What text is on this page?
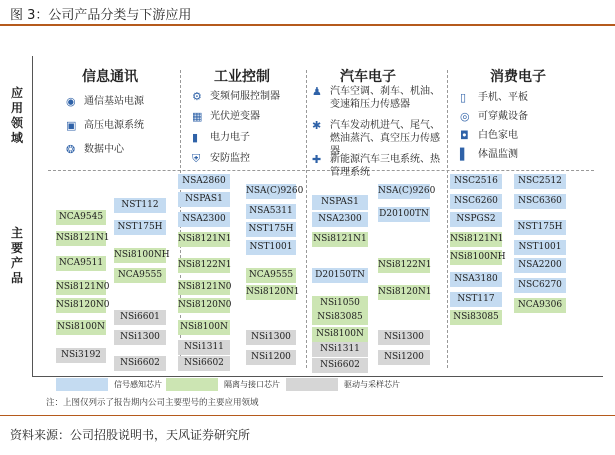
图 3：公司产品分类与下游应用
应用领域
主要产品
信息通讯	工业控制	汽车电子	消费电子
◉ 通信基站电源
▣ 高压电源系统
❂ 数据中心
⚙ 变频伺服控制器
▦ 光伏逆变器
▮ 电力电子
⛨ 安防监控
♟ 汽车空调、刹车、机油、变速箱压力传感器
✱ 汽车发动机进气、尾气、燃油蒸汽、真空压力传感器
✚ 新能源汽车三电系统、热管理系统
▯ 手机、平板
◎ 可穿戴设备
◘ 白色家电
▌ 体温监测
NCA9545
NSi8121N1
NCA9511
NSi8121N0
NSi8120N0
NSi8100N
NSi3192
NST112
NST175H
NSi8100NH
NCA9555
NSi6601
NSi1300
NSi6602
NSA2860
NSPAS1
NSA2300
NSi8121N1
NSi8122N1
NSi8121N0
NSi8120N0
NSi8100N
NSi1311
NSi6602
NSA(C)9260
NSA5311
NST175H
NST1001
NCA9555
NSi8120N1
NSi1300
NSi1200
NSPAS1
NSA2300
NSi8121N1
D20150TN
NSi1050
NSi83085
NSi8100N
NSi1311
NSi6602
NSA(C)9260
D20100TN
NSi8122N1
NSi8120N1
NSi1300
NSi1200
NSC2516
NSC6260
NSPGS2
NSi8121N1
NSi8100NH
NSA3180
NST117
NSi83085
NSC2512
NSC6360
NST175H
NST1001
NSA2200
NSC6270
NCA9306
信号感知芯片	隔离与接口芯片	驱动与采样芯片
注：上图仅列示了报告期内公司主要型号的主要应用领域
资料来源：公司招股说明书，天风证券研究所
